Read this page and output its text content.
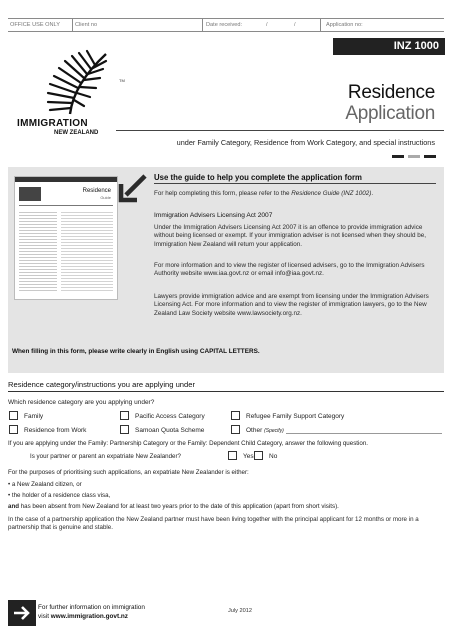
OFFICE USE ONLY	Client no	Date received:	/	/	Application no:
INZ 1000
IMMIGRATION
NEW ZEALAND
TM
Residence
Application
under Family Category, Residence from Work Category, and special instructions
Residence
Guide
Use the guide to help you complete the application form
For help completing this form, please refer to the Residence Guide (INZ 1002).
Immigration Advisers Licensing Act 2007
Under the Immigration Advisers Licensing Act 2007 it is an offence to provide immigration advice without being licensed or exempt. If your immigration adviser is not licensed when they should be, Immigration New Zealand will return your application.
For more information and to view the register of licensed advisers, go to the Immigration Advisers Authority website www.iaa.govt.nz or email info@iaa.govt.nz.
Lawyers provide immigration advice and are exempt from licensing under the Immigration Advisers Licensing Act. For more information and to view the register of immigration lawyers, go to the New Zealand Law Society website www.lawsociety.org.nz.
When filling in this form, please write clearly in English using CAPITAL LETTERS.
Residence category/instructions you are applying under
Which residence category are you applying under?
Family	Pacific Access Category	Refugee Family Support Category
Residence from Work	Samoan Quota Scheme	Other (Specify)
If you are applying under the Family: Partnership Category or the Family: Dependent Child Category, answer the following question.
Is your partner or parent an expatriate New Zealander?	Yes	No
For the purposes of prioritising such applications, an expatriate New Zealander is either:
• a New Zealand citizen, or
• the holder of a residence class visa,
and has been absent from New Zealand for at least two years prior to the date of this application (apart from short visits).
In the case of a partnership application the New Zealand partner must have been living together with the principal applicant for 12 months or more in a partnership that is genuine and stable.
For further information on immigration
visit www.immigration.govt.nz
July 2012
